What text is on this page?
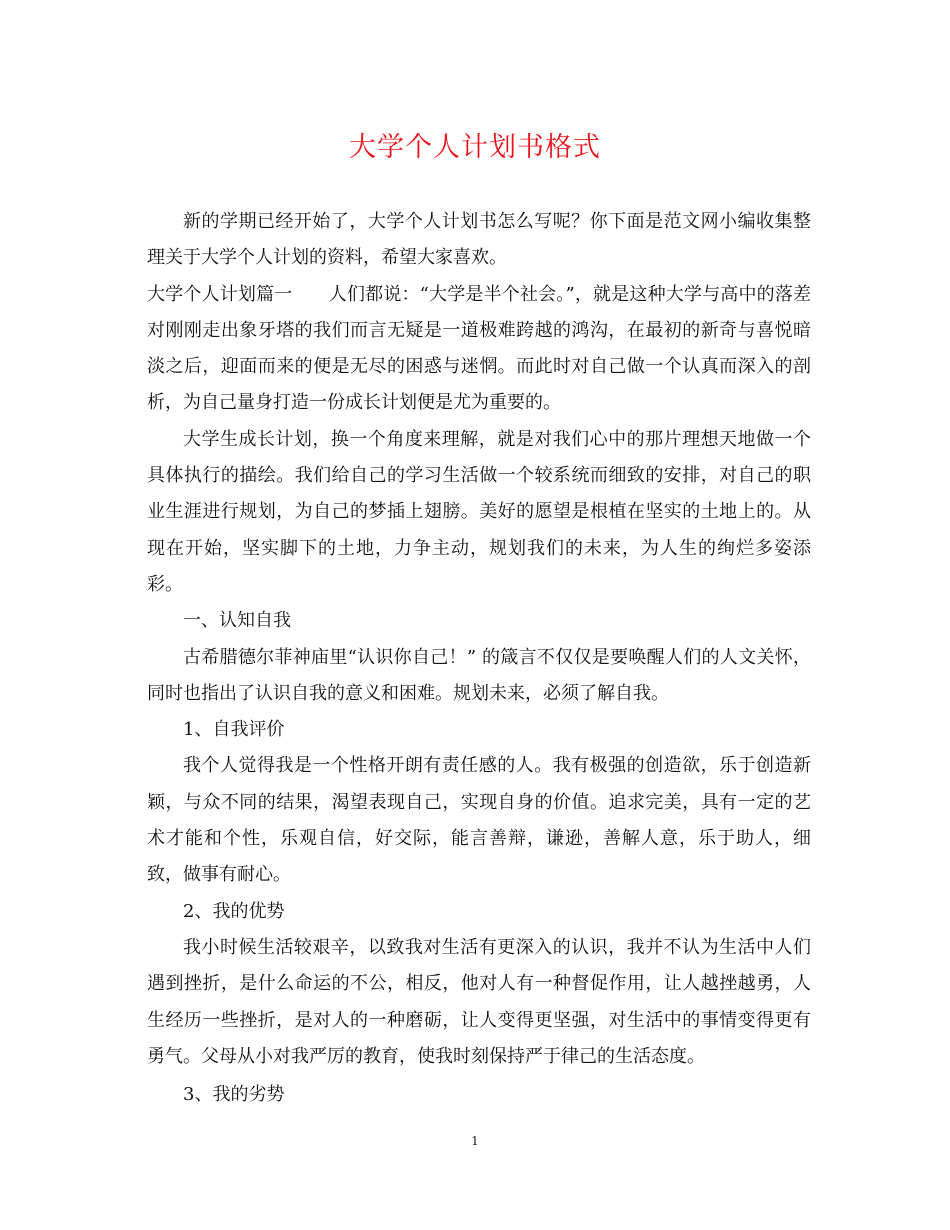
大学个人计划书格式

新的学期已经开始了，大学个人计划书怎么写呢？你下面是范文网小编收集整理关于大学个人计划的资料，希望大家喜欢。

大学个人计划篇一　　人们都说：“大学是半个社会。”，就是这种大学与高中的落差对刚刚走出象牙塔的我们而言无疑是一道极难跨越的鸿沟，在最初的新奇与喜悦暗淡之后，迎面而来的便是无尽的困惑与迷惘。而此时对自己做一个认真而深入的剖析，为自己量身打造一份成长计划便是尤为重要的。

大学生成长计划，换一个角度来理解，就是对我们心中的那片理想天地做一个具体执行的描绘。我们给自己的学习生活做一个较系统而细致的安排，对自己的职业生涯进行规划，为自己的梦插上翅膀。美好的愿望是根植在坚实的土地上的。从现在开始，坚实脚下的土地，力争主动，规划我们的未来，为人生的绚烂多姿添彩。

一、认知自我

古希腊德尔菲神庙里“认识你自己！” 的箴言不仅仅是要唤醒人们的人文关怀，同时也指出了认识自我的意义和困难。规划未来，必须了解自我。

1、自我评价

我个人觉得我是一个性格开朗有责任感的人。我有极强的创造欲，乐于创造新颖，与众不同的结果，渴望表现自己，实现自身的价值。追求完美，具有一定的艺术才能和个性，乐观自信，好交际，能言善辩，谦逊，善解人意，乐于助人，细致，做事有耐心。

2、我的优势

我小时候生活较艰辛，以致我对生活有更深入的认识，我并不认为生活中人们遇到挫折，是什么命运的不公，相反，他对人有一种督促作用，让人越挫越勇，人生经历一些挫折，是对人的一种磨砺，让人变得更坚强，对生活中的事情变得更有勇气。父母从小对我严厉的教育，使我时刻保持严于律己的生活态度。

3、我的劣势

1
